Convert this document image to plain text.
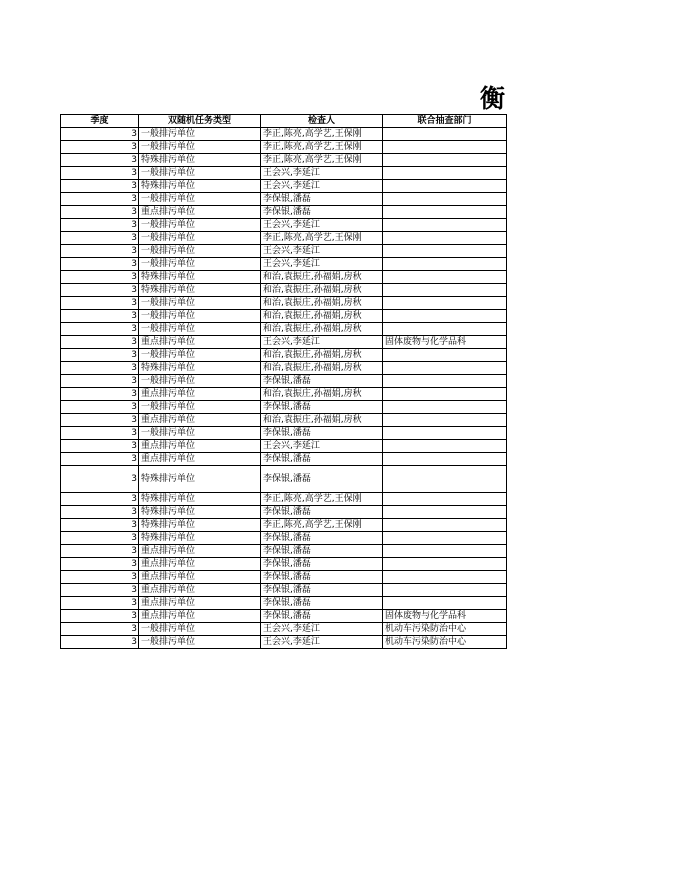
衡
季度	双随机任务类型	检查人	联合抽查部门
3	一般排污单位	李正,陈亮,高学艺,王保刚	
3	一般排污单位	李正,陈亮,高学艺,王保刚	
3	特殊排污单位	李正,陈亮,高学艺,王保刚	
3	一般排污单位	王会兴,李延江	
3	特殊排污单位	王会兴,李延江	
3	一般排污单位	李保银,潘磊	
3	重点排污单位	李保银,潘磊	
3	一般排污单位	王会兴,李延江	
3	一般排污单位	李正,陈亮,高学艺,王保刚	
3	一般排污单位	王会兴,李延江	
3	一般排污单位	王会兴,李延江	
3	特殊排污单位	和治,袁振庄,孙福娟,房秋	
3	特殊排污单位	和治,袁振庄,孙福娟,房秋	
3	一般排污单位	和治,袁振庄,孙福娟,房秋	
3	一般排污单位	和治,袁振庄,孙福娟,房秋	
3	一般排污单位	和治,袁振庄,孙福娟,房秋	
3	重点排污单位	王会兴,李延江	固体废物与化学品科
3	一般排污单位	和治,袁振庄,孙福娟,房秋	
3	特殊排污单位	和治,袁振庄,孙福娟,房秋	
3	一般排污单位	李保银,潘磊	
3	重点排污单位	和治,袁振庄,孙福娟,房秋	
3	一般排污单位	李保银,潘磊	
3	重点排污单位	和治,袁振庄,孙福娟,房秋	
3	一般排污单位	李保银,潘磊	
3	重点排污单位	王会兴,李延江	
3	重点排污单位	李保银,潘磊	
3	特殊排污单位	李保银,潘磊	
3	特殊排污单位	李正,陈亮,高学艺,王保刚	
3	特殊排污单位	李保银,潘磊	
3	特殊排污单位	李正,陈亮,高学艺,王保刚	
3	特殊排污单位	李保银,潘磊	
3	重点排污单位	李保银,潘磊	
3	重点排污单位	李保银,潘磊	
3	重点排污单位	李保银,潘磊	
3	重点排污单位	李保银,潘磊	
3	重点排污单位	李保银,潘磊	
3	重点排污单位	李保银,潘磊	固体废物与化学品科
3	一般排污单位	王会兴,李延江	机动车污染防治中心
3	一般排污单位	王会兴,李延江	机动车污染防治中心
